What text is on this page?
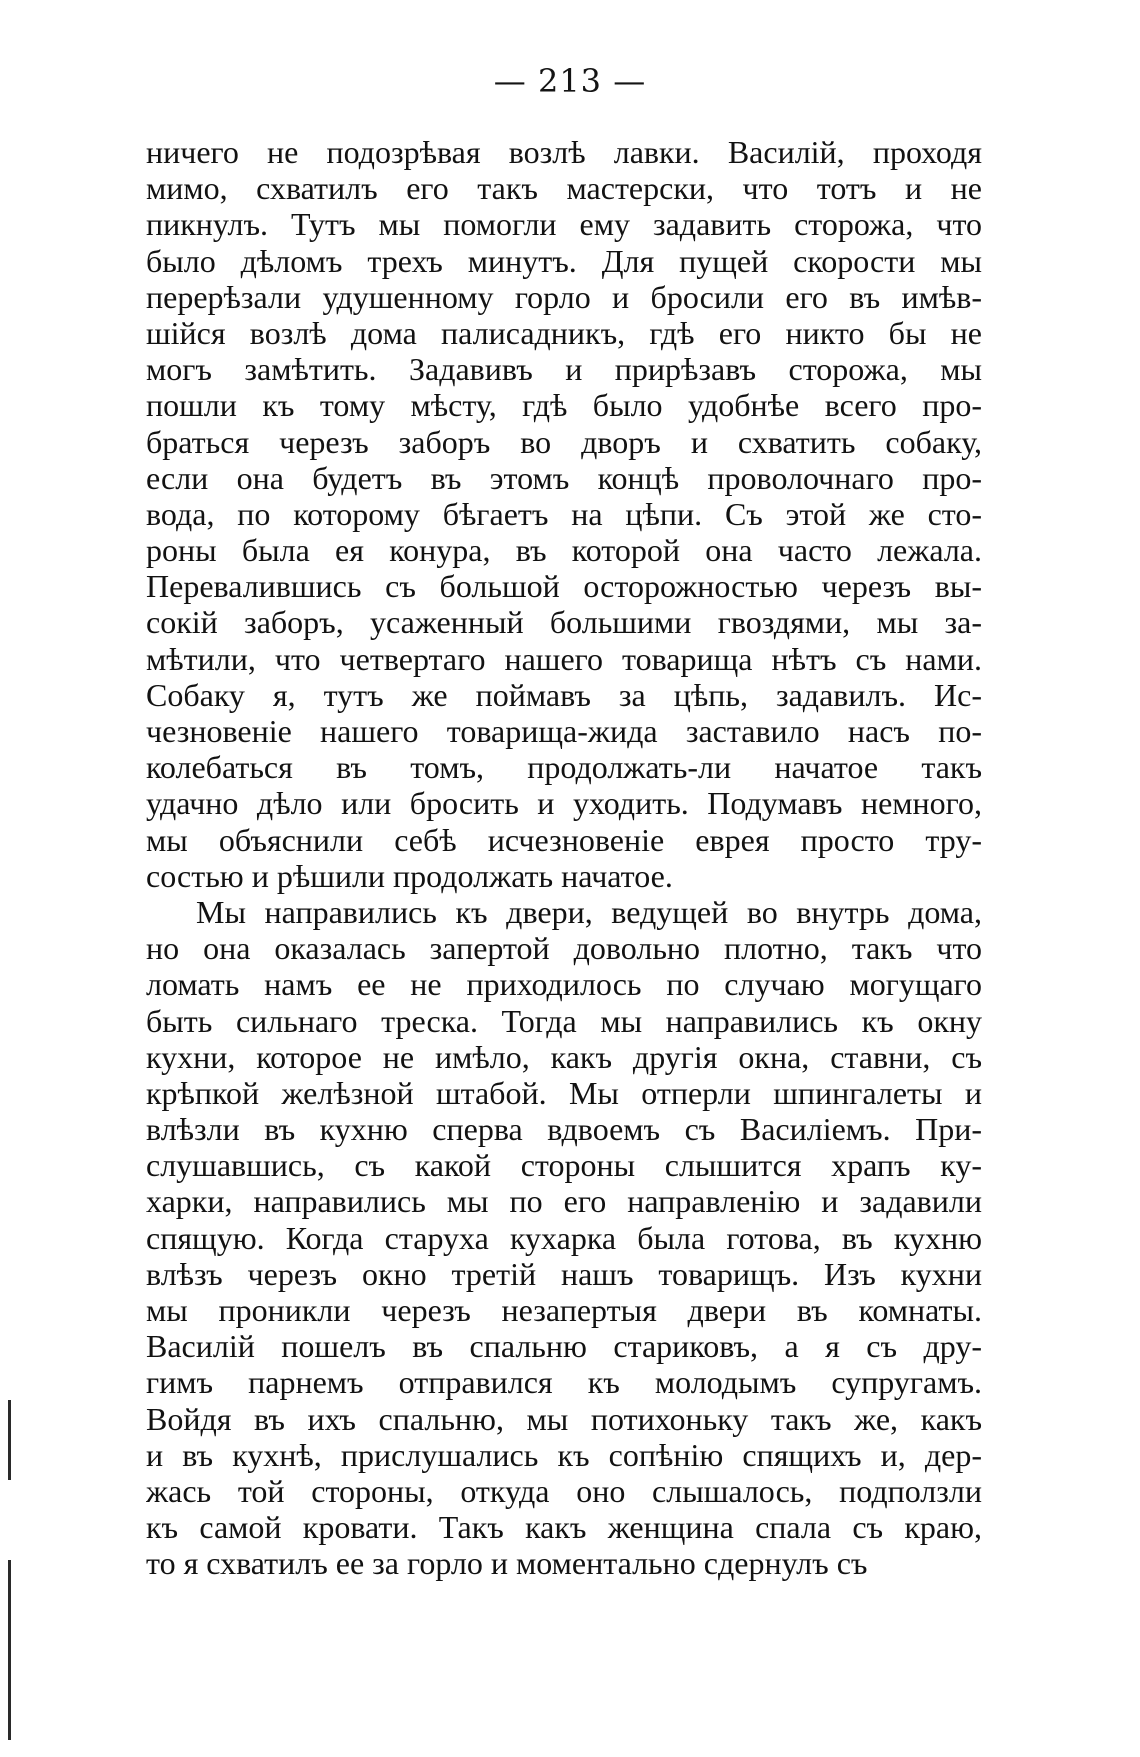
— 213 —
ничего не подозрѣвая возлѣ лавки. Василій, проходя
мимо, схватилъ его такъ мастерски, что тотъ и не
пикнулъ. Тутъ мы помогли ему задавить сторожа, что
было дѣломъ трехъ минутъ. Для пущей скорости мы
перерѣзали удушенному горло и бросили его въ имѣв-
шійся возлѣ дома палисадникъ, гдѣ его никто бы не
могъ замѣтить. Задавивъ и прирѣзавъ сторожа, мы
пошли къ тому мѣсту, гдѣ было удобнѣе всего про-
браться черезъ заборъ во дворъ и схватить собаку,
если она будетъ въ этомъ концѣ проволочнаго про-
вода, по которому бѣгаетъ на цѣпи. Съ этой же сто-
роны была ея конура, въ которой она часто лежала.
Перевалившись съ большой осторожностью черезъ вы-
сокій заборъ, усаженный большими гвоздями, мы за-
мѣтили, что четвертаго нашего товарища нѣтъ съ нами.
Собаку я, тутъ же поймавъ за цѣпь, задавилъ. Ис-
чезновеніе нашего товарища-жида заставило насъ по-
колебаться въ томъ, продолжать-ли начатое такъ
удачно дѣло или бросить и уходить. Подумавъ немного,
мы объяснили себѣ исчезновеніе еврея просто тру-
состью и рѣшили продолжать начатое.
Мы направились къ двери, ведущей во внутрь дома,
но она оказалась запертой довольно плотно, такъ что
ломать намъ ее не приходилось по случаю могущаго
быть сильнаго треска. Тогда мы направились къ окну
кухни, которое не имѣло, какъ другія окна, ставни, съ
крѣпкой желѣзной штабой. Мы отперли шпингалеты и
влѣзли въ кухню сперва вдвоемъ съ Василіемъ. При-
слушавшись, съ какой стороны слышится храпъ ку-
харки, направились мы по его направленію и задавили
спящую. Когда старуха кухарка была готова, въ кухню
влѣзъ черезъ окно третій нашъ товарищъ. Изъ кухни
мы проникли черезъ незапертыя двери въ комнаты.
Василій пошелъ въ спальню стариковъ, а я съ дру-
гимъ парнемъ отправился къ молодымъ супругамъ.
Войдя въ ихъ спальню, мы потихоньку такъ же, какъ
и въ кухнѣ, прислушались къ сопѣнію спящихъ и, дер-
жась той стороны, откуда оно слышалось, подползли
къ самой кровати. Такъ какъ женщина спала съ краю,
то я схватилъ ее за горло и моментально сдернулъ съ
